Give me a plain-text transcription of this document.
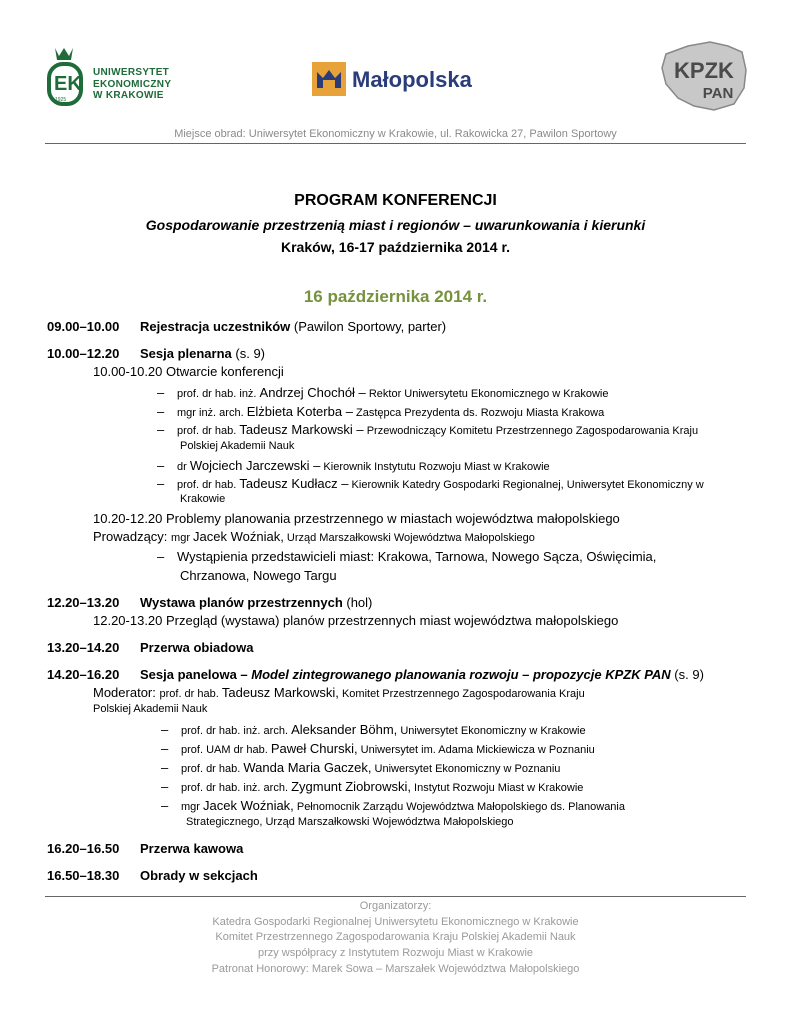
EK
1925
UNIWERSYTET
EKONOMICZNY
W KRAKOWIE
Małopolska	KPZK
PAN
Miejsce obrad: Uniwersytet Ekonomiczny w Krakowie, ul. Rakowicka 27, Pawilon Sportowy
PROGRAM KONFERENCJI
Gospodarowanie przestrzenią miast i regionów – uwarunkowania i kierunki
Kraków, 16-17 października 2014 r.
16 października 2014 r.
09.00–10.00 Rejestracja uczestników (Pawilon Sportowy, parter)
10.00–12.20 Sesja plenarna (s. 9)
10.00-10.20 Otwarcie konferencji
– prof. dr hab. inż. Andrzej Chochół – Rektor Uniwersytetu Ekonomicznego w Krakowie
– mgr inż. arch. Elżbieta Koterba – Zastępca Prezydenta ds. Rozwoju Miasta Krakowa
– prof. dr hab. Tadeusz Markowski – Przewodniczący Komitetu Przestrzennego Zagospodarowania Kraju
Polskiej Akademii Nauk
– dr Wojciech Jarczewski – Kierownik Instytutu Rozwoju Miast w Krakowie
– prof. dr hab. Tadeusz Kudłacz – Kierownik Katedry Gospodarki Regionalnej, Uniwersytet Ekonomiczny w
Krakowie
10.20-12.20 Problemy planowania przestrzennego w miastach województwa małopolskiego
Prowadzący: mgr Jacek Woźniak, Urząd Marszałkowski Województwa Małopolskiego
– Wystąpienia przedstawicieli miast: Krakowa, Tarnowa, Nowego Sącza, Oświęcimia,
Chrzanowa, Nowego Targu
12.20–13.20 Wystawa planów przestrzennych (hol)
12.20-13.20 Przegląd (wystawa) planów przestrzennych miast województwa małopolskiego
13.20–14.20 Przerwa obiadowa
14.20–16.20 Sesja panelowa – Model zintegrowanego planowania rozwoju – propozycje KPZK PAN (s. 9)
Moderator: prof. dr hab. Tadeusz Markowski, Komitet Przestrzennego Zagospodarowania Kraju
Polskiej Akademii Nauk
– prof. dr hab. inż. arch. Aleksander Böhm, Uniwersytet Ekonomiczny w Krakowie
– prof. UAM dr hab. Paweł Churski, Uniwersytet im. Adama Mickiewicza w Poznaniu
– prof. dr hab. Wanda Maria Gaczek, Uniwersytet Ekonomiczny w Poznaniu
– prof. dr hab. inż. arch. Zygmunt Ziobrowski, Instytut Rozwoju Miast w Krakowie
– mgr Jacek Woźniak, Pełnomocnik Zarządu Województwa Małopolskiego ds. Planowania
Strategicznego, Urząd Marszałkowski Województwa Małopolskiego
16.20–16.50 Przerwa kawowa
16.50–18.30 Obrady w sekcjach
Organizatorzy:
Katedra Gospodarki Regionalnej Uniwersytetu Ekonomicznego w Krakowie
Komitet Przestrzennego Zagospodarowania Kraju Polskiej Akademii Nauk
przy współpracy z Instytutem Rozwoju Miast w Krakowie
Patronat Honorowy: Marek Sowa – Marszałek Województwa Małopolskiego
